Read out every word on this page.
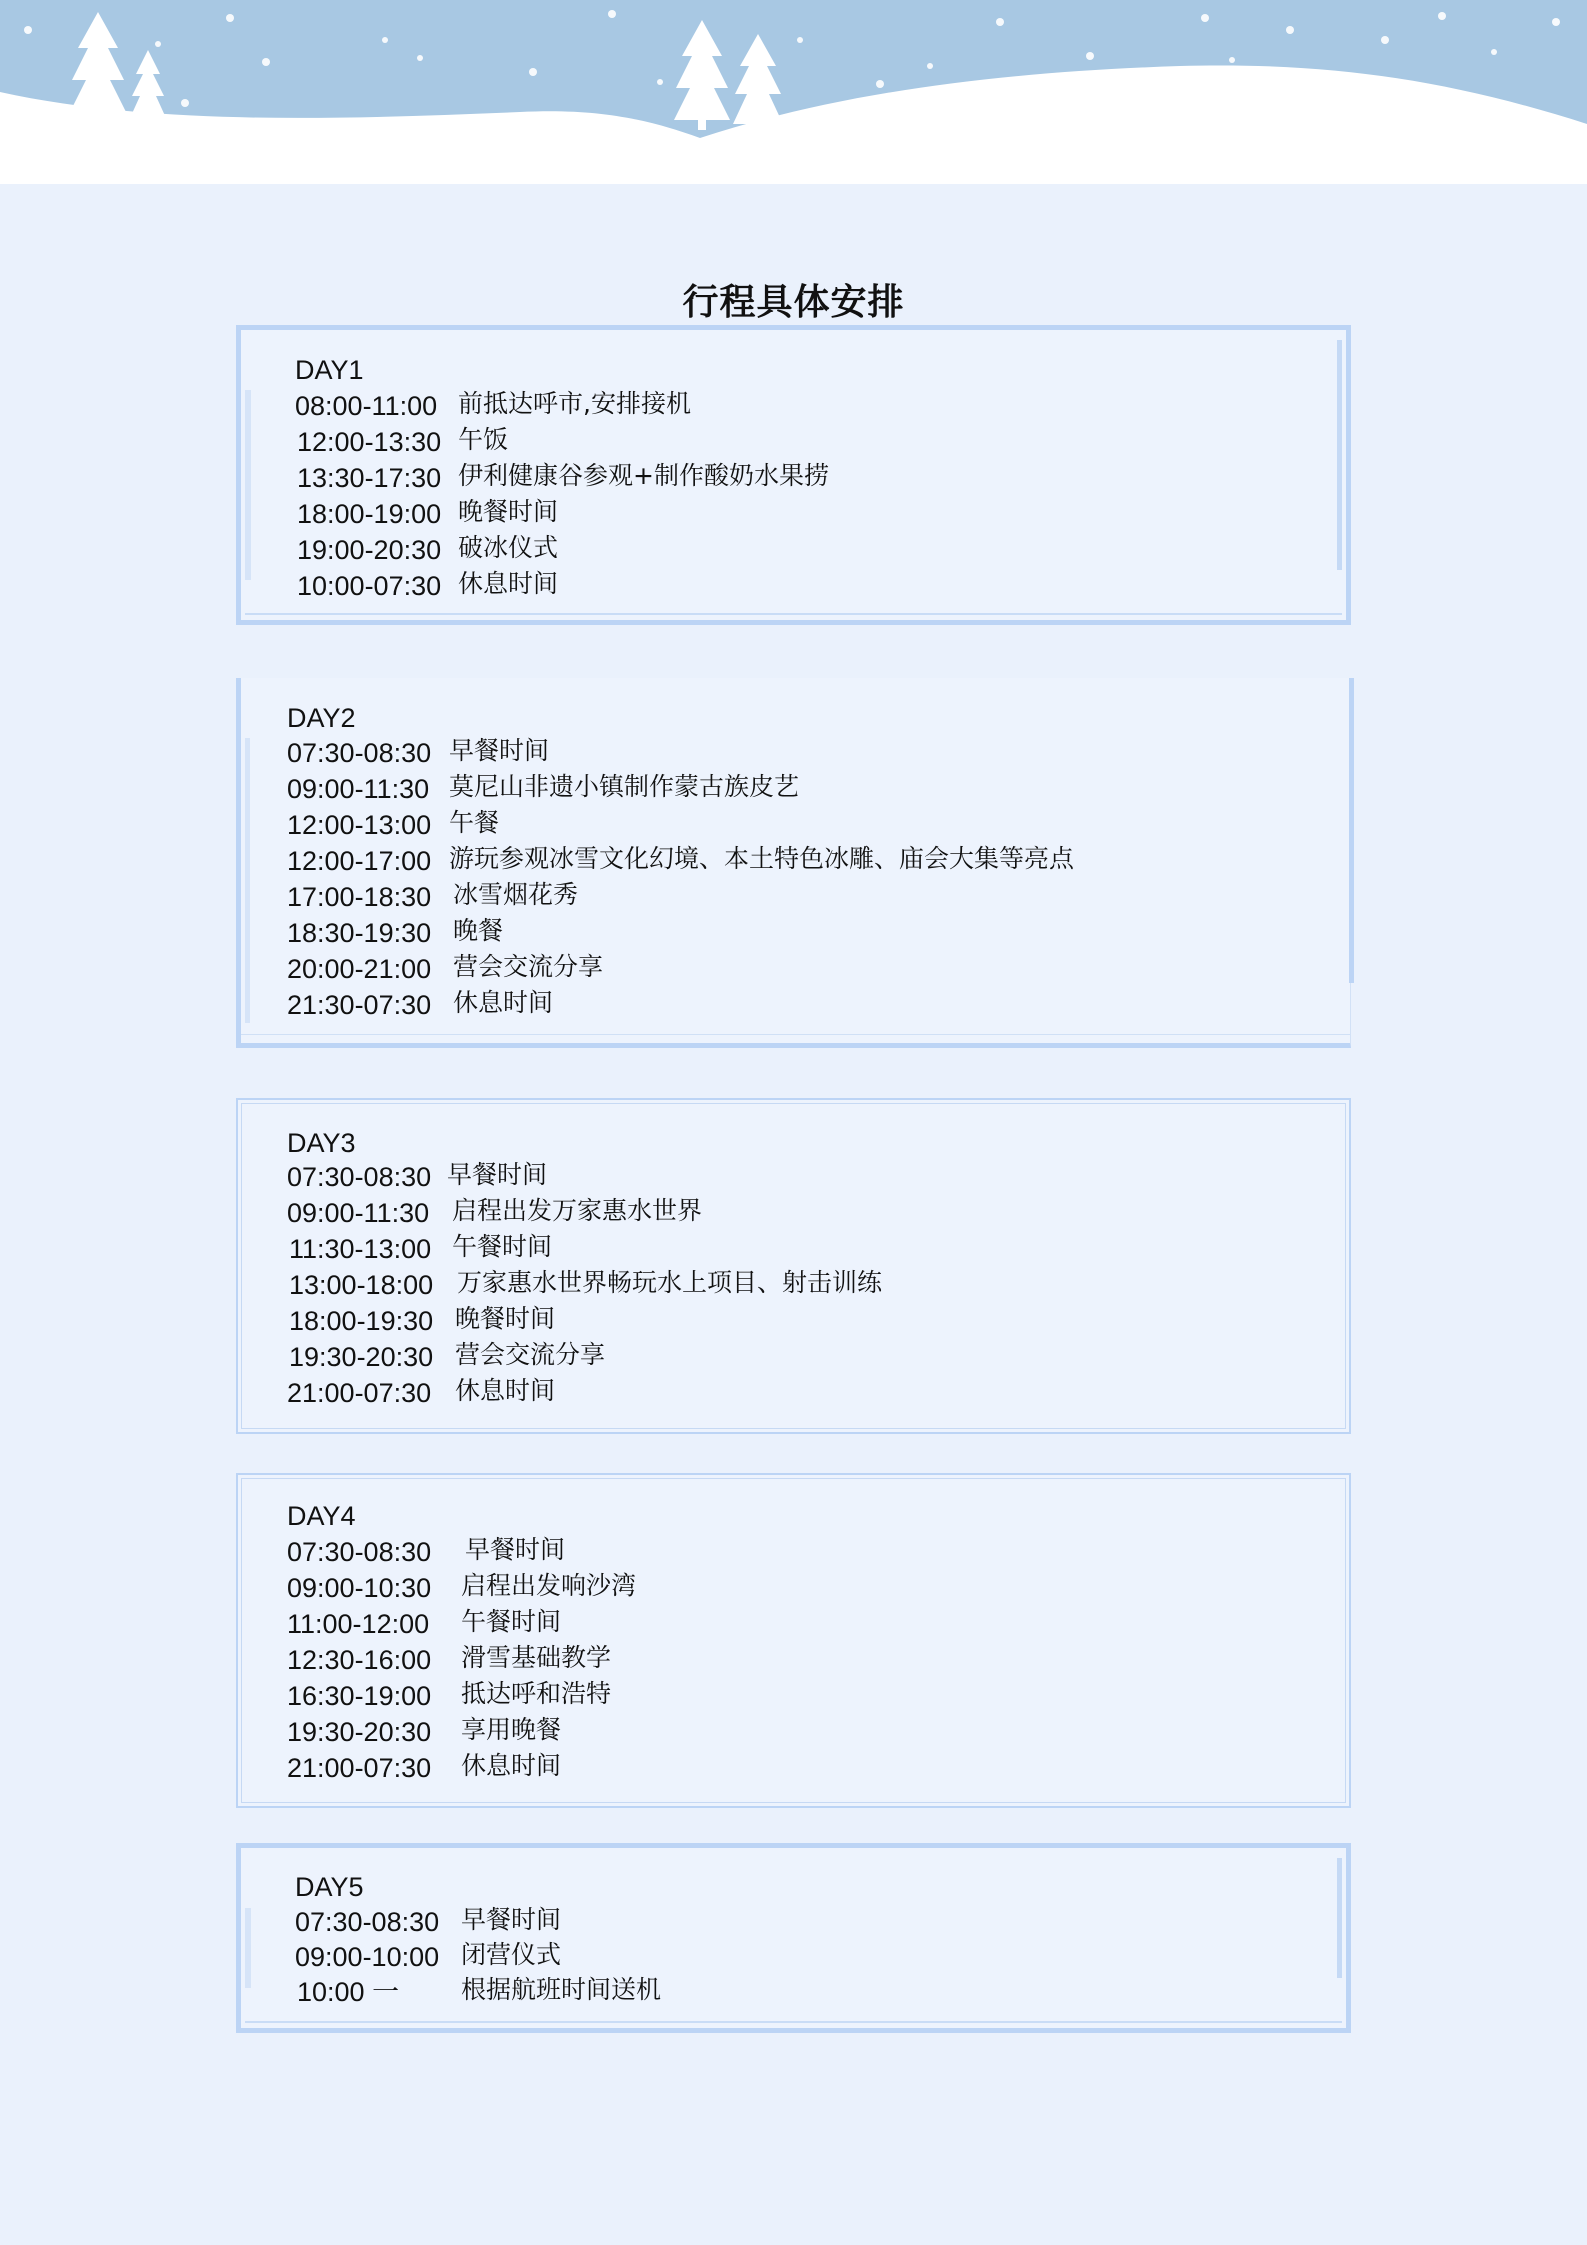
行程具体安排
DAY1
08:00-11:00 前抵达呼市,安排接机
12:00-13:30 午饭
13:30-17:30 伊利健康谷参观+制作酸奶水果捞
18:00-19:00 晚餐时间
19:00-20:30 破冰仪式
10:00-07:30 休息时间
DAY2
07:30-08:30 早餐时间
09:00-11:30 莫尼山非遗小镇制作蒙古族皮艺
12:00-13:00 午餐
12:00-17:00 游玩参观冰雪文化幻境、本土特色冰雕、庙会大集等亮点
17:00-18:30 冰雪烟花秀
18:30-19:30 晚餐
20:00-21:00 营会交流分享
21:30-07:30 休息时间
DAY3
07:30-08:30 早餐时间
09:00-11:30 启程出发万家惠水世界
11:30-13:00 午餐时间
13:00-18:00 万家惠水世界畅玩水上项目、射击训练
18:00-19:30 晚餐时间
19:30-20:30 营会交流分享
21:00-07:30 休息时间
DAY4
07:30-08:30 早餐时间
09:00-10:30 启程出发响沙湾
11:00-12:00 午餐时间
12:30-16:00 滑雪基础教学
16:30-19:00 抵达呼和浩特
19:30-20:30 享用晚餐
21:00-07:30 休息时间
DAY5
07:30-08:30 早餐时间
09:00-10:00 闭营仪式
10:00 一 根据航班时间送机
